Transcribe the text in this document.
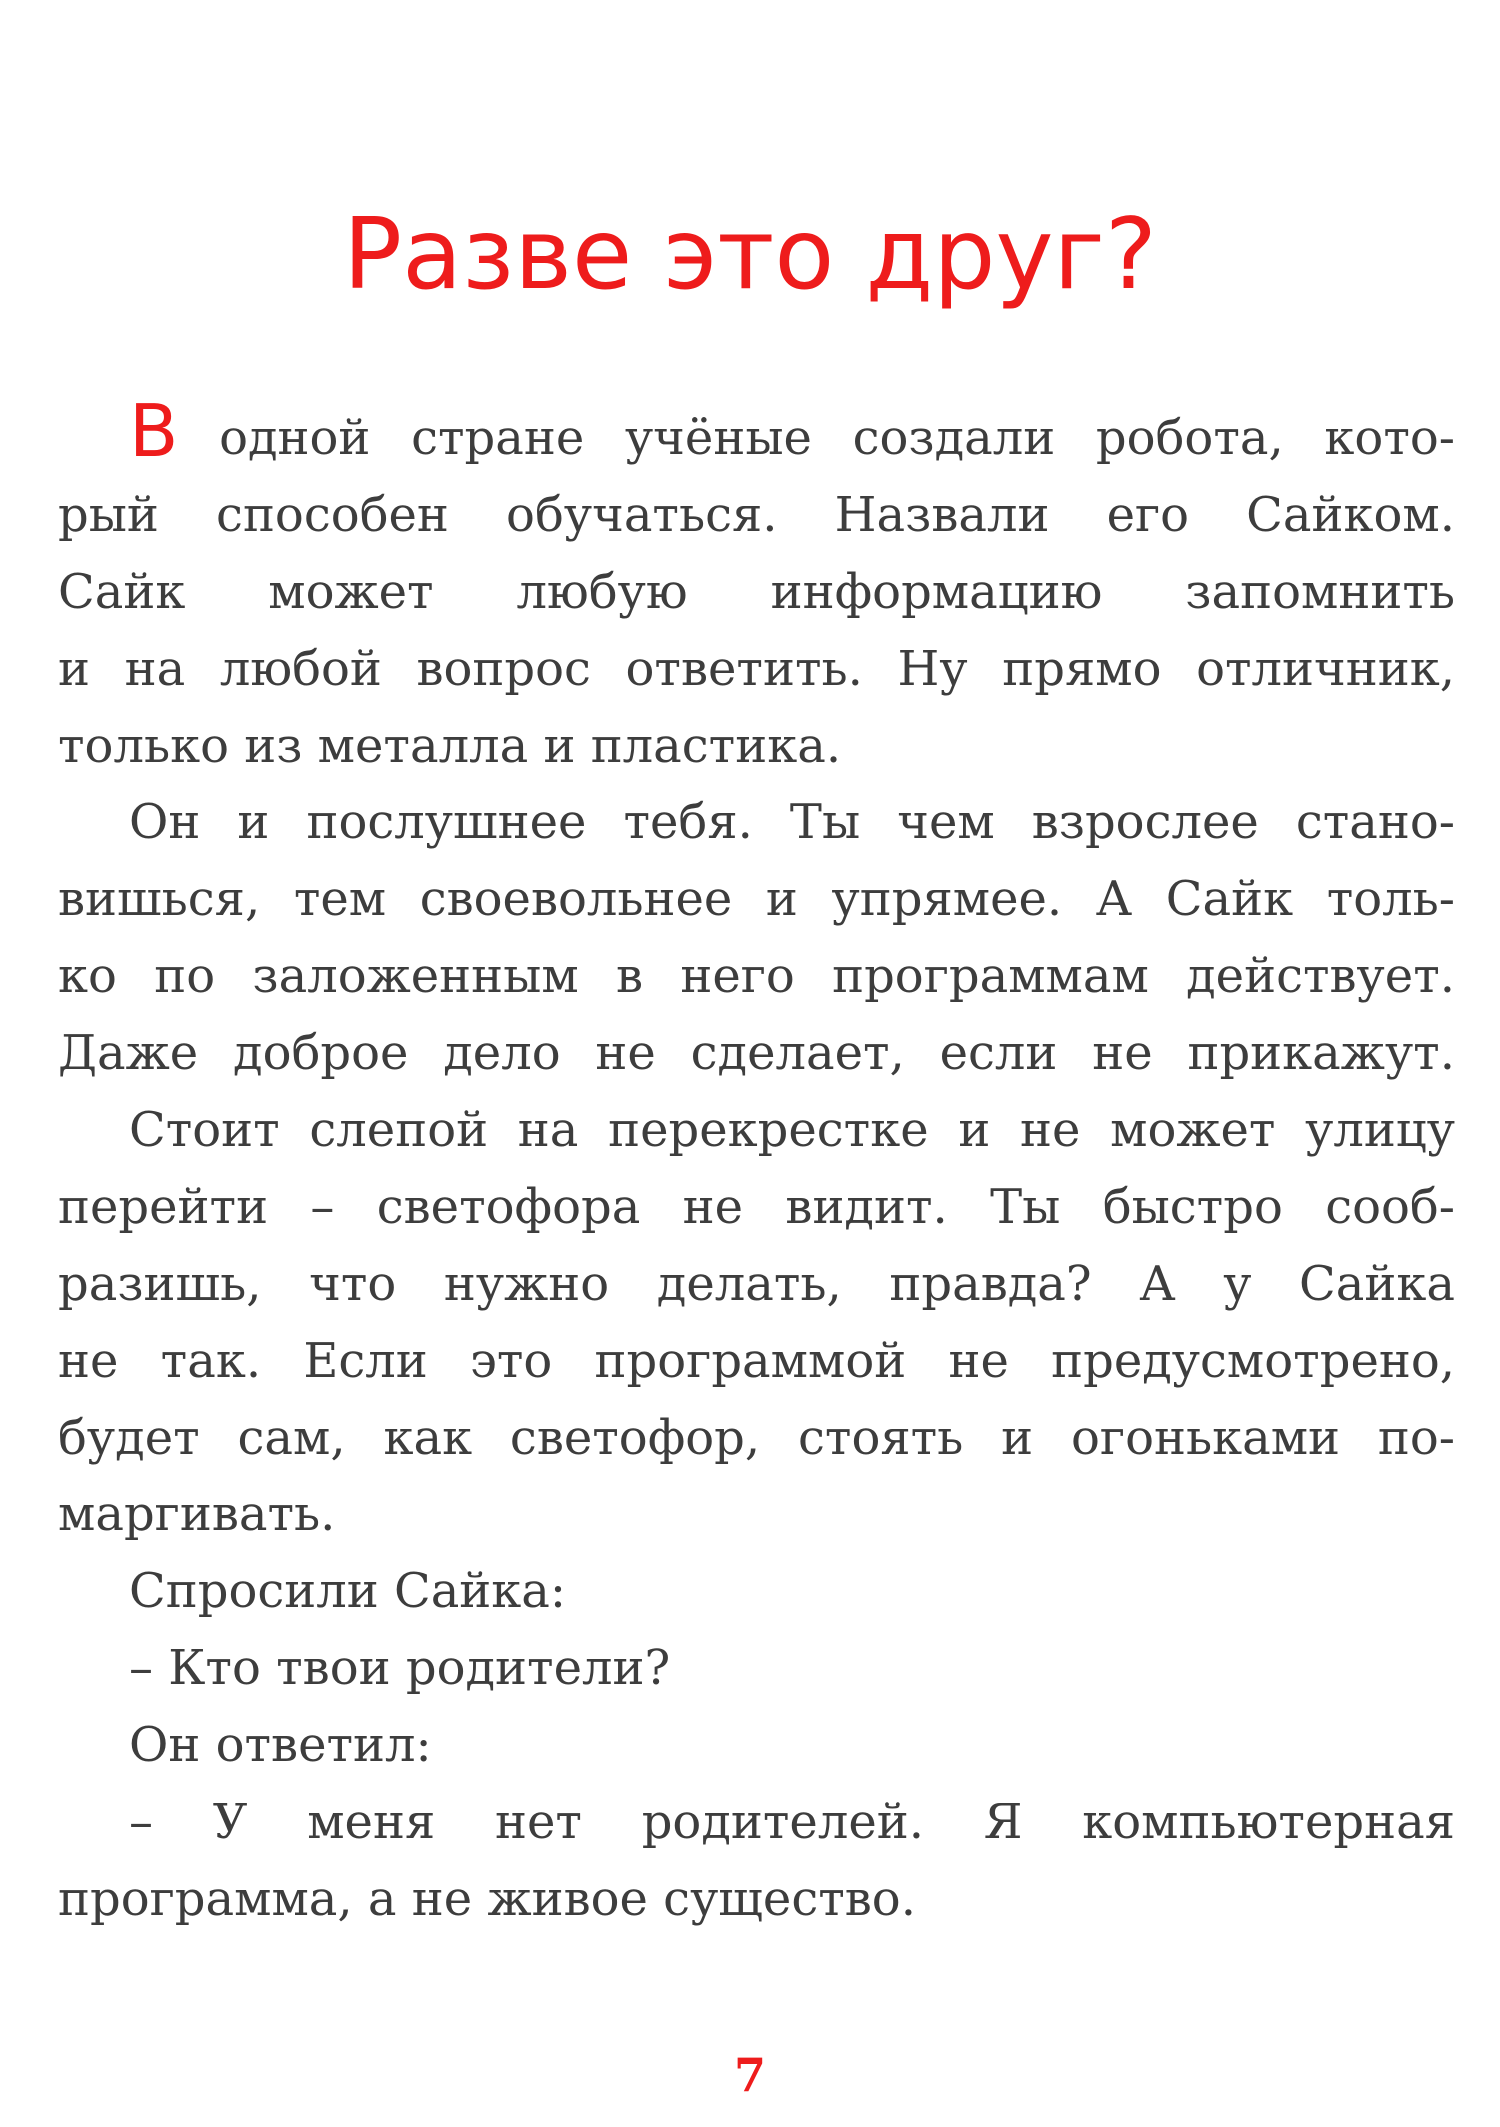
Разве это друг?
В одной стране учёные создали робота, кото-
рый способен обучаться. Назвали его Сайком.
Сайк может любую информацию запомнить
и на любой вопрос ответить. Ну прямо отличник,
только из металла и пластика.
Он и послушнее тебя. Ты чем взрослее стано-
вишься, тем своевольнее и упрямее. А Сайк толь-
ко по заложенным в него программам действует.
Даже доброе дело не сделает, если не прикажут.
Стоит слепой на перекрестке и не может улицу
перейти – светофора не видит. Ты быстро сооб-
разишь, что нужно делать, правда? А у Сайка
не так. Если это программой не предусмотрено,
будет сам, как светофор, стоять и огоньками по-
маргивать.
Спросили Сайка:
– Кто твои родители?
Он ответил:
– У меня нет родителей. Я компьютерная
программа, а не живое существо.
7
